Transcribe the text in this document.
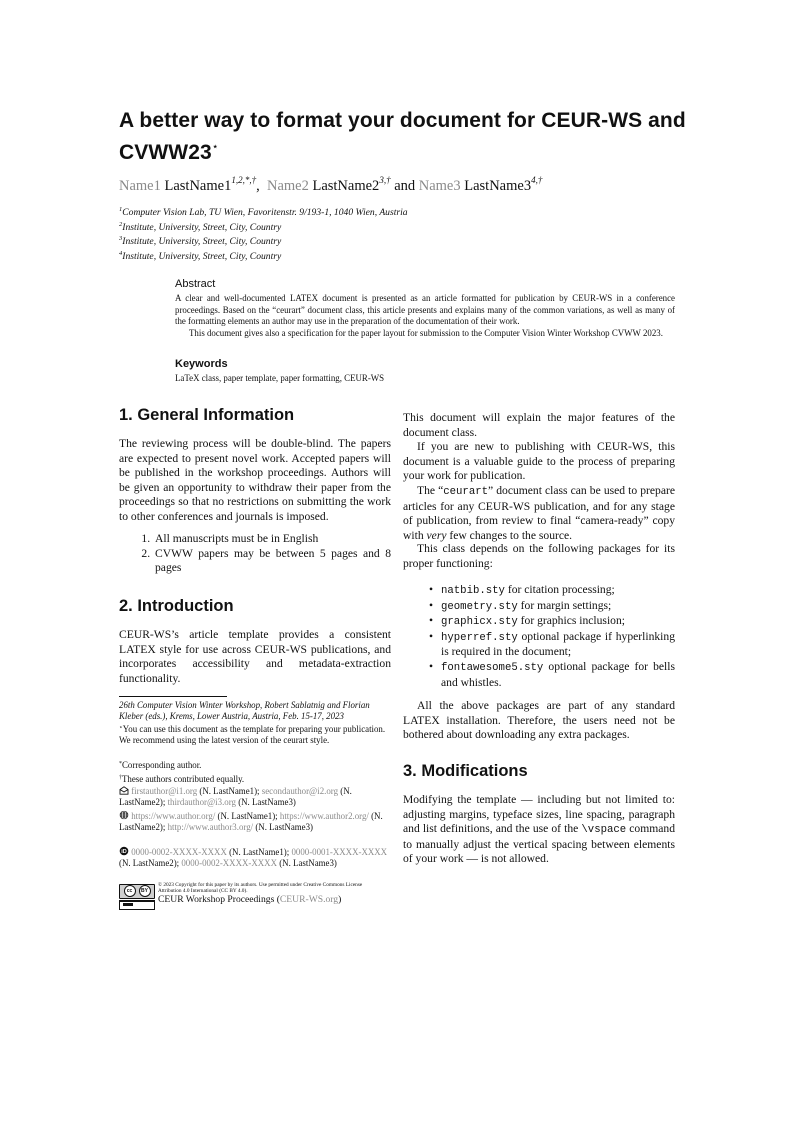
A better way to format your document for CEUR-WS and
CVWW23⋆
Name1 $LastName1^{1,2,*,\dagger}$, Name2 $LastName2^{3,\dagger}$ and Name3 $LastName3^{4,\dagger}$
$^1$Computer Vision Lab, TU Wien, Favoritenstr. 9/193-1, 1040 Wien, Austria
$^2$Institute, University, Street, City, Country
$^3$Institute, University, Street, City, Country
$^4$Institute, University, Street, City, Country
Abstract
A clear and well-documented LATEX document is presented as an article formatted for publication by CEUR-WS in a conference proceedings. Based on the “ceurart” document class, this article presents and explains many of the common variations, as well as many of the formatting elements an author may use in the preparation of the documentation of their work.
This document gives also a specification for the paper layout for submission to the Computer Vision Winter Workshop CVWW 2023.
Keywords
LaTeX class, paper template, paper formatting, CEUR-WS
1. General Information
The reviewing process will be double-blind. The papers are expected to present novel work. Accepted papers will be published in the workshop proceedings. Authors will be given an opportunity to withdraw their paper from the proceedings so that no restrictions on submitting the work to other conferences and journals is imposed.
1. All manuscripts must be in English
2. CVWW papers may be between 5 pages and 8 pages
2. Introduction
CEUR-WS’s article template provides a consistent LATEX style for use across CEUR-WS publications, and incorporates accessibility and metadata-extraction functionality.
26th Computer Vision Winter Workshop, Robert Sablatnig and Florian Kleber (eds.), Krems, Lower Austria, Austria, Feb. 15-17, 2023
⋆You can use this document as the template for preparing your publication. We recommend using the latest version of the ceurart style.
*Corresponding author.
†These authors contributed equally.
firstauthor@i1.org (N. LastName1); secondauthor@i2.org (N. LastName2); thirdauthor@i3.org (N. LastName3)
https://www.author.org/ (N. LastName1); https://www.author2.org/ (N. LastName2); http://www.author3.org/ (N. LastName3)
iD 0000-0002-XXXX-XXXX (N. LastName1); 0000-0001-XXXX-XXXX (N. LastName2); 0000-0002-XXXX-XXXX (N. LastName3)
cc	BY
© 2023 Copyright for this paper by its authors. Use permitted under Creative Commons License
Attribution 4.0 International (CC BY 4.0).
CEUR Workshop Proceedings (CEUR-WS.org)
This document will explain the major features of the document class.
If you are new to publishing with CEUR-WS, this document is a valuable guide to the process of preparing your work for publication.
The “ceurart” document class can be used to prepare articles for any CEUR-WS publication, and for any stage of publication, from review to final “camera-ready” copy with very few changes to the source.
This class depends on the following packages for its proper functioning:
• natbib.sty for citation processing;
• geometry.sty for margin settings;
• graphicx.sty for graphics inclusion;
• hyperref.sty optional package if hyperlinking is required in the document;
• fontawesome5.sty optional package for bells and whistles.
All the above packages are part of any standard LATEX installation. Therefore, the users need not be bothered about downloading any extra packages.
3. Modifications
Modifying the template — including but not limited to: adjusting margins, typeface sizes, line spacing, paragraph and list definitions, and the use of the \vspace command to manually adjust the vertical spacing between elements of your work — is not allowed.
